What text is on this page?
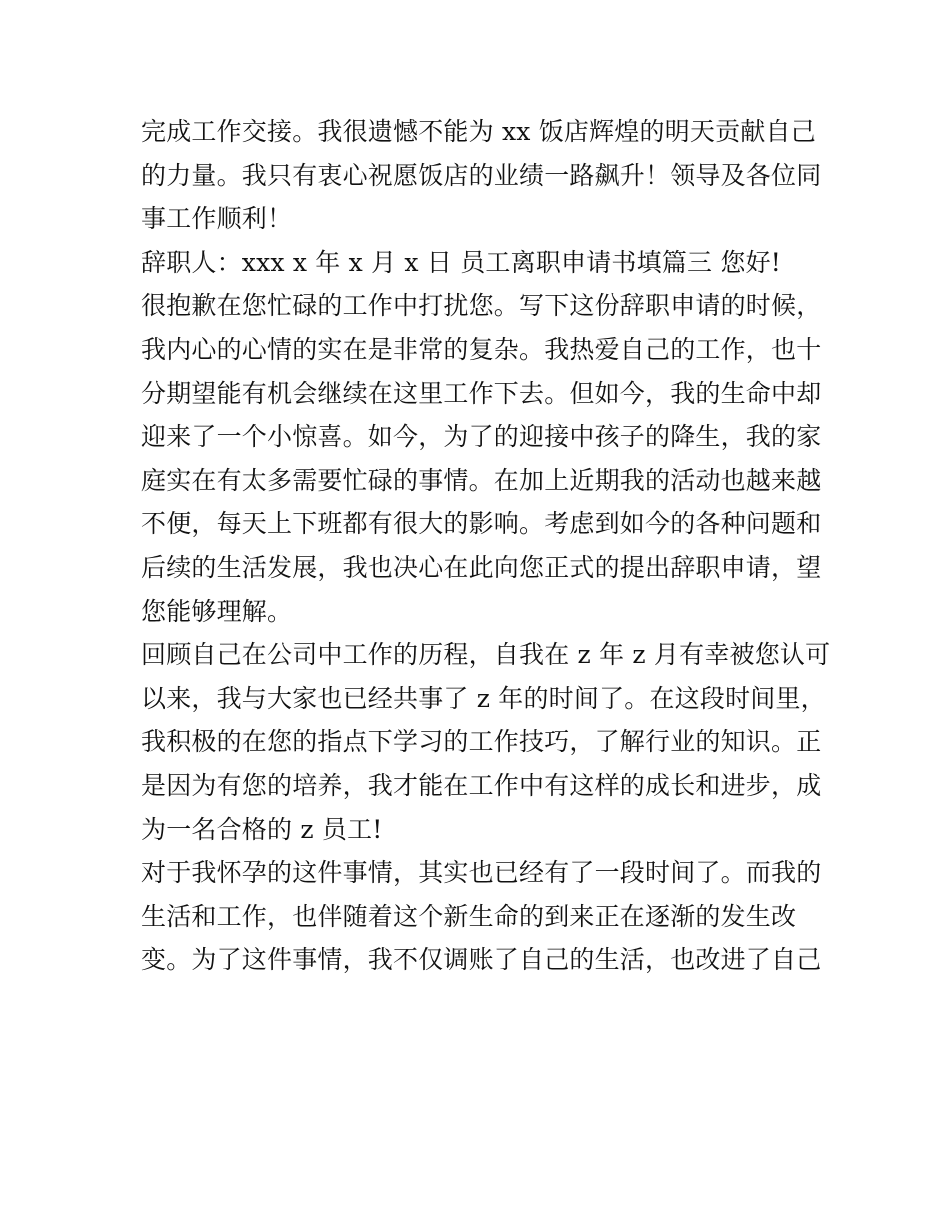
完成工作交接。我很遗憾不能为 xx 饭店辉煌的明天贡献自己
的力量。我只有衷心祝愿饭店的业绩一路飙升！领导及各位同
事工作顺利！
辞职人：xxx x 年 x 月 x 日 员工离职申请书填篇三 您好!
很抱歉在您忙碌的工作中打扰您。写下这份辞职申请的时候，
我内心的心情的实在是非常的复杂。我热爱自己的工作，也十
分期望能有机会继续在这里工作下去。但如今，我的生命中却
迎来了一个小惊喜。如今，为了的迎接中孩子的降生，我的家
庭实在有太多需要忙碌的事情。在加上近期我的活动也越来越
不便，每天上下班都有很大的影响。考虑到如今的各种问题和
后续的生活发展，我也决心在此向您正式的提出辞职申请，望
您能够理解。
回顾自己在公司中工作的历程，自我在 z 年 z 月有幸被您认可
以来，我与大家也已经共事了 z 年的时间了。在这段时间里，
我积极的在您的指点下学习的工作技巧，了解行业的知识。正
是因为有您的培养，我才能在工作中有这样的成长和进步，成
为一名合格的 z 员工!
对于我怀孕的这件事情，其实也已经有了一段时间了。而我的
生活和工作，也伴随着这个新生命的到来正在逐渐的发生改
变。为了这件事情，我不仅调账了自己的生活，也改进了自己
